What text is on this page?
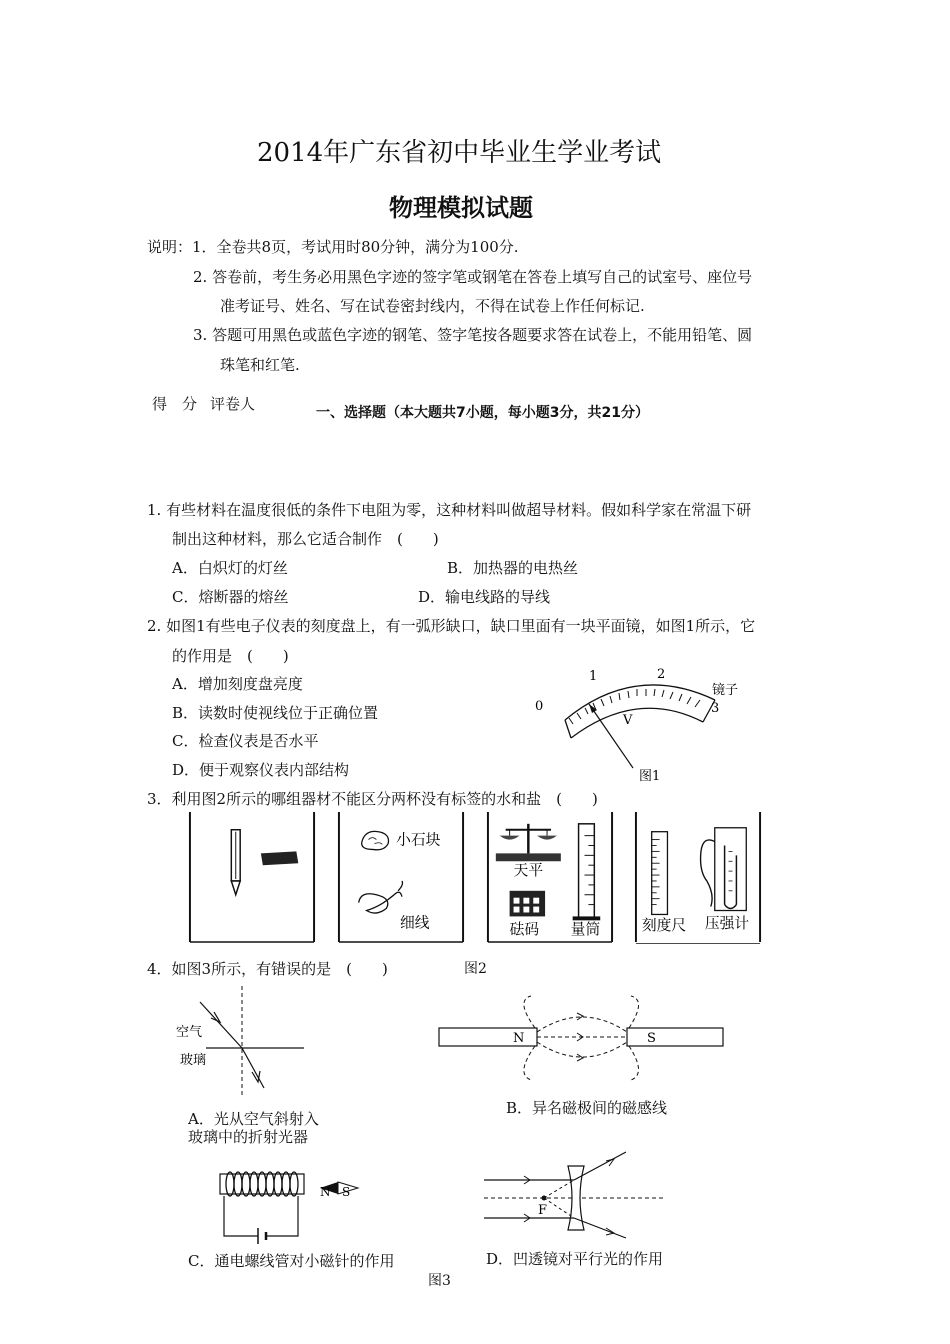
2014年广东省初中毕业生学业考试
物理模拟试题
说明：1．全卷共8页，考试用时80分钟，满分为100分.
2. 答卷前，考生务必用黑色字迹的签字笔或钢笔在答卷上填写自己的试室号、座位号
准考证号、姓名、写在试卷密封线内，不得在试卷上作任何标记.
3. 答题可用黑色或蓝色字迹的钢笔、签字笔按各题要求答在试卷上，不能用铅笔、圆
珠笔和红笔.
得　分 评卷人	一、选择题（本大题共7小题，每小题3分，共21分）
1. 有些材料在温度很低的条件下电阻为零，这种材料叫做超导材料。假如科学家在常温下研
制出这种材料，那么它适合制作　(　　)
A．白炽灯的灯丝	B．加热器的电热丝
C．熔断器的熔丝	D．输电线路的导线
2. 如图1有些电子仪表的刻度盘上，有一弧形缺口，缺口里面有一块平面镜，如图1所示，它
的作用是　(　　)
A．增加刻度盘亮度
B．读数时使视线位于正确位置
C．检查仪表是否水平
D．便于观察仪表内部结构
0
1	2
3
V
镜子
图1
3．利用图2所示的哪组器材不能区分两杯没有标签的水和盐　(　　)
小石块
细线
天平
砝码 量筒	刻度尺 压强计
图2
4．如图3所示，有错误的是　(　　)
空气
玻璃
A．光从空气斜射入
玻璃中的折射光器
N	S
B．异名磁极间的磁感线
N S
C．通电螺线管对小磁针的作用
F
D．凹透镜对平行光的作用
图3
